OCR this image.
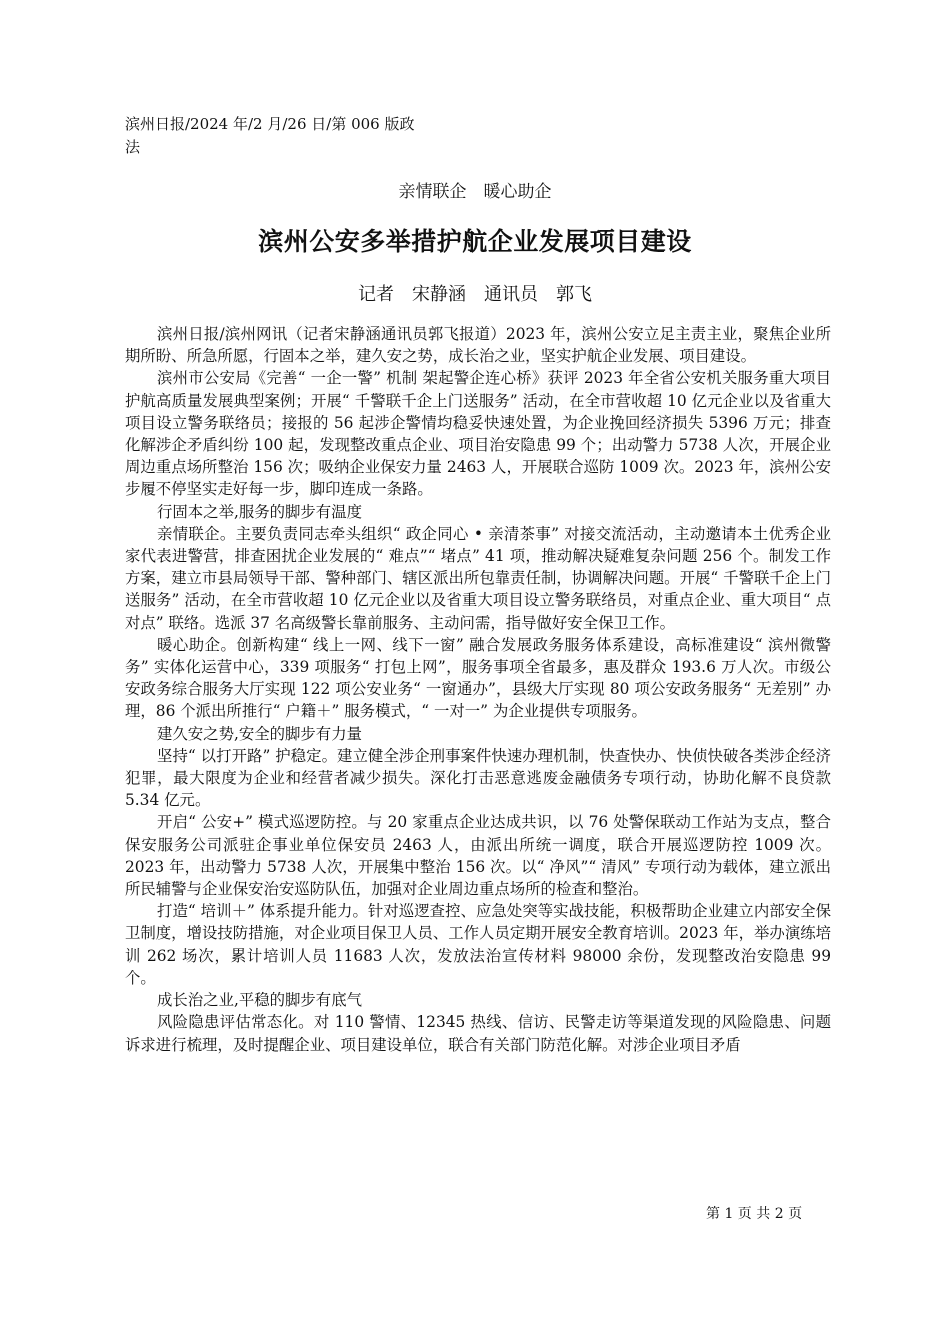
滨州日报/2024 年/2 月/26 日/第 006 版政法
亲情联企　暖心助企
滨州公安多举措护航企业发展项目建设
记者　宋静涵　通讯员　郭飞

滨州日报/滨州网讯（记者宋静涵通讯员郭飞报道）2023 年，滨州公安立足主责主业，聚焦企业所期所盼、所急所愿，行固本之举，建久安之势，成长治之业，坚实护航企业发展、项目建设。

滨州市公安局《完善“ 一企一警” 机制 架起警企连心桥》获评 2023 年全省公安机关服务重大项目护航高质量发展典型案例；开展“ 千警联千企上门送服务” 活动，在全市营收超 10 亿元企业以及省重大项目设立警务联络员；接报的 56 起涉企警情均稳妥快速处置，为企业挽回经济损失 5396 万元；排查化解涉企矛盾纠纷 100 起，发现整改重点企业、项目治安隐患 99 个；出动警力 5738 人次，开展企业周边重点场所整治 156 次；吸纳企业保安力量 2463 人，开展联合巡防 1009 次。2023 年，滨州公安步履不停坚实走好每一步，脚印连成一条路。

行固本之举,服务的脚步有温度

亲情联企。主要负责同志牵头组织“ 政企同心 • 亲清茶事” 对接交流活动，主动邀请本土优秀企业家代表进警营，排查困扰企业发展的“ 难点”“ 堵点” 41 项，推动解决疑难复杂问题 256 个。制发工作方案，建立市县局领导干部、警种部门、辖区派出所包靠责任制，协调解决问题。开展“ 千警联千企上门送服务” 活动，在全市营收超 10 亿元企业以及省重大项目设立警务联络员，对重点企业、重大项目“ 点对点” 联络。选派 37 名高级警长靠前服务、主动问需，指导做好安全保卫工作。

暖心助企。创新构建“ 线上一网、线下一窗” 融合发展政务服务体系建设，高标准建设“ 滨州微警务” 实体化运营中心，339 项服务“ 打包上网”，服务事项全省最多，惠及群众 193.6 万人次。市级公安政务综合服务大厅实现 122 项公安业务“ 一窗通办”，县级大厅实现 80 项公安政务服务“ 无差别” 办理，86 个派出所推行“ 户籍＋” 服务模式，“ 一对一” 为企业提供专项服务。

建久安之势,安全的脚步有力量

坚持“ 以打开路” 护稳定。建立健全涉企刑事案件快速办理机制，快查快办、快侦快破各类涉企经济犯罪，最大限度为企业和经营者减少损失。深化打击恶意逃废金融债务专项行动，协助化解不良贷款 5.34 亿元。

开启“ 公安+” 模式巡逻防控。与 20 家重点企业达成共识，以 76 处警保联动工作站为支点，整合保安服务公司派驻企事业单位保安员 2463 人，由派出所统一调度，联合开展巡逻防控 1009 次。2023 年，出动警力 5738 人次，开展集中整治 156 次。以“ 净风”“ 清风” 专项行动为载体，建立派出所民辅警与企业保安治安巡防队伍，加强对企业周边重点场所的检查和整治。

打造“ 培训＋” 体系提升能力。针对巡逻查控、应急处突等实战技能，积极帮助企业建立内部安全保卫制度，增设技防措施，对企业项目保卫人员、工作人员定期开展安全教育培训。2023 年，举办演练培训 262 场次，累计培训人员 11683 人次，发放法治宣传材料 98000 余份，发现整改治安隐患 99 个。

成长治之业,平稳的脚步有底气

风险隐患评估常态化。对 110 警情、12345 热线、信访、民警走访等渠道发现的风险隐患、问题诉求进行梳理，及时提醒企业、项目建设单位，联合有关部门防范化解。对涉企业项目矛盾

第 1 页 共 2 页
